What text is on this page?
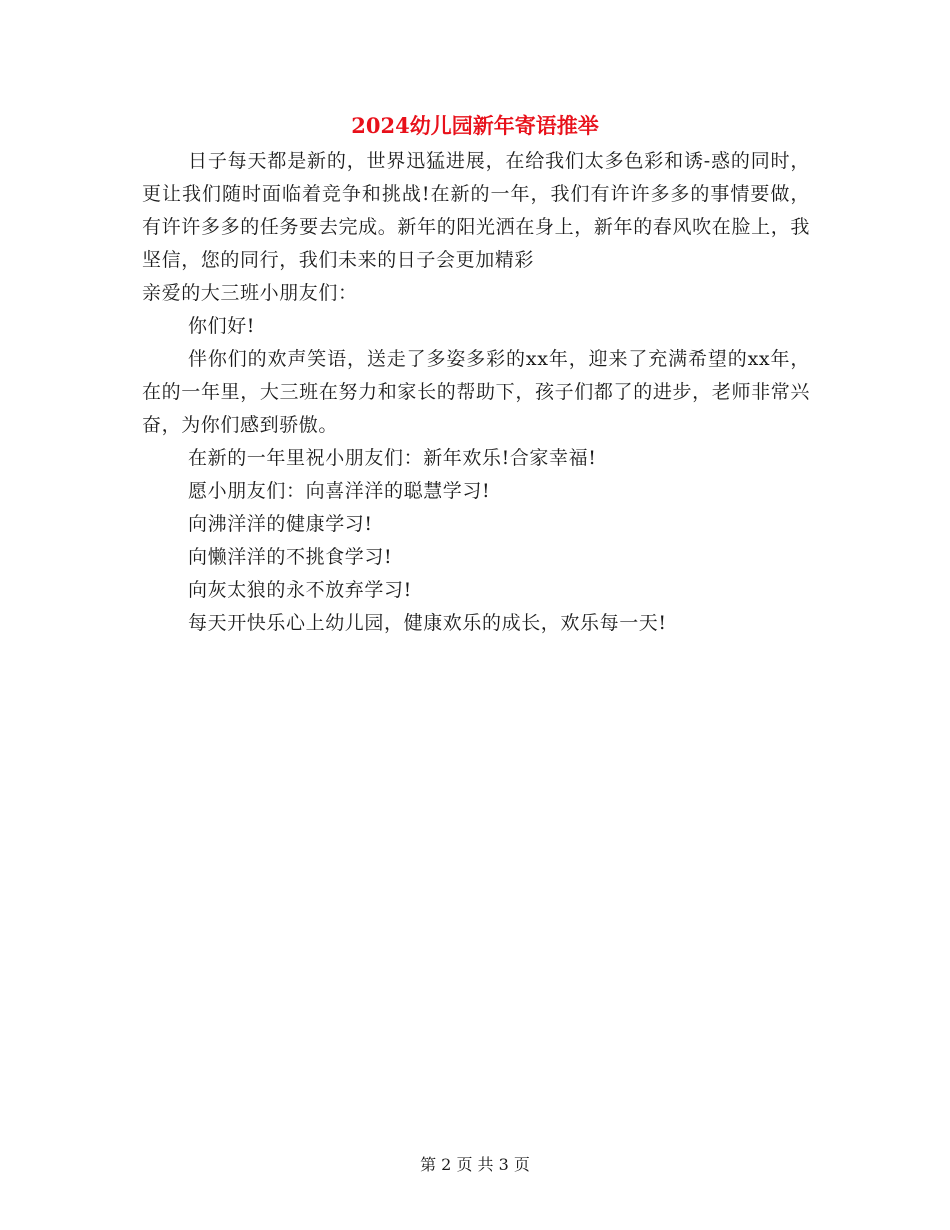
2024幼儿园新年寄语推举

日子每天都是新的，世界迅猛进展，在给我们太多色彩和诱-惑的同时，更让我们随时面临着竞争和挑战!在新的一年，我们有许许多多的事情要做，有许许多多的任务要去完成。新年的阳光洒在身上，新年的春风吹在脸上，我坚信，您的同行，我们未来的日子会更加精彩

亲爱的大三班小朋友们：

你们好!

伴你们的欢声笑语，送走了多姿多彩的xx年，迎来了充满希望的xx年，在的一年里，大三班在努力和家长的帮助下，孩子们都了的进步，老师非常兴奋，为你们感到骄傲。

在新的一年里祝小朋友们：新年欢乐!合家幸福!

愿小朋友们：向喜洋洋的聪慧学习!

向沸洋洋的健康学习!

向懒洋洋的不挑食学习!

向灰太狼的永不放弃学习!

每天开快乐心上幼儿园，健康欢乐的成长，欢乐每一天!

第 2 页 共 3 页
